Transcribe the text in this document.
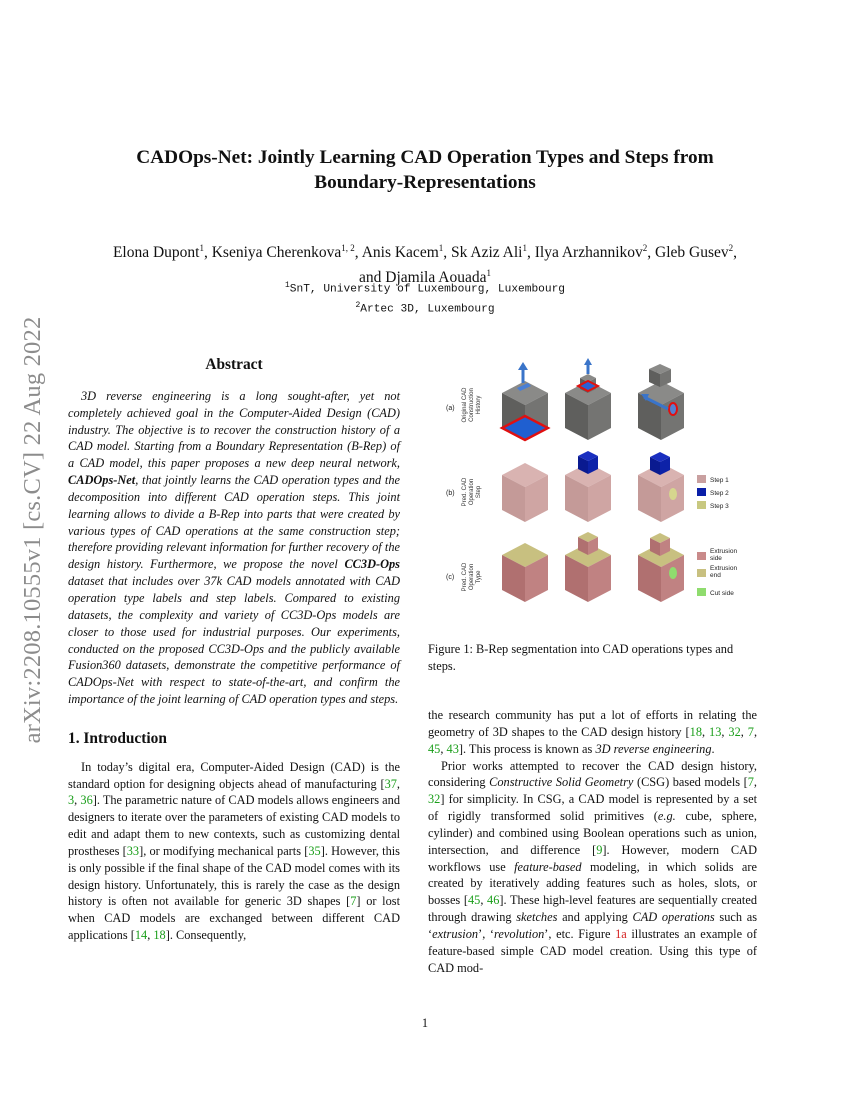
arXiv:2208.10555v1 [cs.CV] 22 Aug 2022
CADOps-Net: Jointly Learning CAD Operation Types and Steps from Boundary-Representations
Elona Dupont$^1$, Kseniya Cherenkova$^{1, 2}$, Anis Kacem$^1$, Sk Aziz Ali$^1$, Ilya Arzhannikov$^2$, Gleb Gusev$^2$,
and Djamila Aouada$^1$
$^1$SnT, University of Luxembourg, Luxembourg
$^2$Artec 3D, Luxembourg
Abstract

3D reverse engineering is a long sought-after, yet not completely achieved goal in the Computer-Aided Design (CAD) industry. The objective is to recover the construction history of a CAD model. Starting from a Boundary Representation (B-Rep) of a CAD model, this paper proposes a new deep neural network, CADOps-Net, that jointly learns the CAD operation types and the decomposition into different CAD operation steps. This joint learning allows to divide a B-Rep into parts that were created by various types of CAD operations at the same construction step; therefore providing relevant information for further recovery of the design history. Furthermore, we propose the novel CC3D-Ops dataset that includes over 37k CAD models annotated with CAD operation type labels and step labels. Compared to existing datasets, the complexity and variety of CC3D-Ops models are closer to those used for industrial purposes. Our experiments, conducted on the proposed CC3D-Ops and the publicly available Fusion360 datasets, demonstrate the competitive performance of CADOps-Net with respect to state-of-the-art, and confirm the importance of the joint learning of CAD operation types and steps.

1. Introduction

In today’s digital era, Computer-Aided Design (CAD) is the standard option for designing objects ahead of manufacturing [37, 3, 36]. The parametric nature of CAD models allows engineers and designers to iterate over the parameters of existing CAD models to edit and adapt them to new contexts, such as customizing dental prostheses [33], or modifying mechanical parts [35]. However, this is only possible if the final shape of the CAD model comes with its design history. Unfortunately, this is rarely the case as the design history is often not available for generic 3D shapes [7] or lost when CAD models are exchanged between different CAD applications [14, 18]. Consequently,

(a)
(b)
(c)
Original CAD Construction History
Pred. CAD Operation Step
Pred. CAD Operation Type
Step 1
Step 2
Step 3
Extrusion side
Extrusion end
Cut side
Figure 1: B-Rep segmentation into CAD operations types and steps.

the research community has put a lot of efforts in relating the geometry of 3D shapes to the CAD design history [18, 13, 32, 7, 45, 43]. This process is known as 3D reverse engineering.

Prior works attempted to recover the CAD design history, considering Constructive Solid Geometry (CSG) based models [7, 32] for simplicity. In CSG, a CAD model is represented by a set of rigidly transformed solid primitives (e.g. cube, sphere, cylinder) and combined using Boolean operations such as union, intersection, and difference [9]. However, modern CAD workflows use feature-based modeling, in which solids are created by iteratively adding features such as holes, slots, or bosses [45, 46]. These high-level features are sequentially created through drawing sketches and applying CAD operations such as ‘extrusion’, ‘revolution’, etc. Figure 1a illustrates an example of feature-based simple CAD model creation. Using this type of CAD mod-

1
